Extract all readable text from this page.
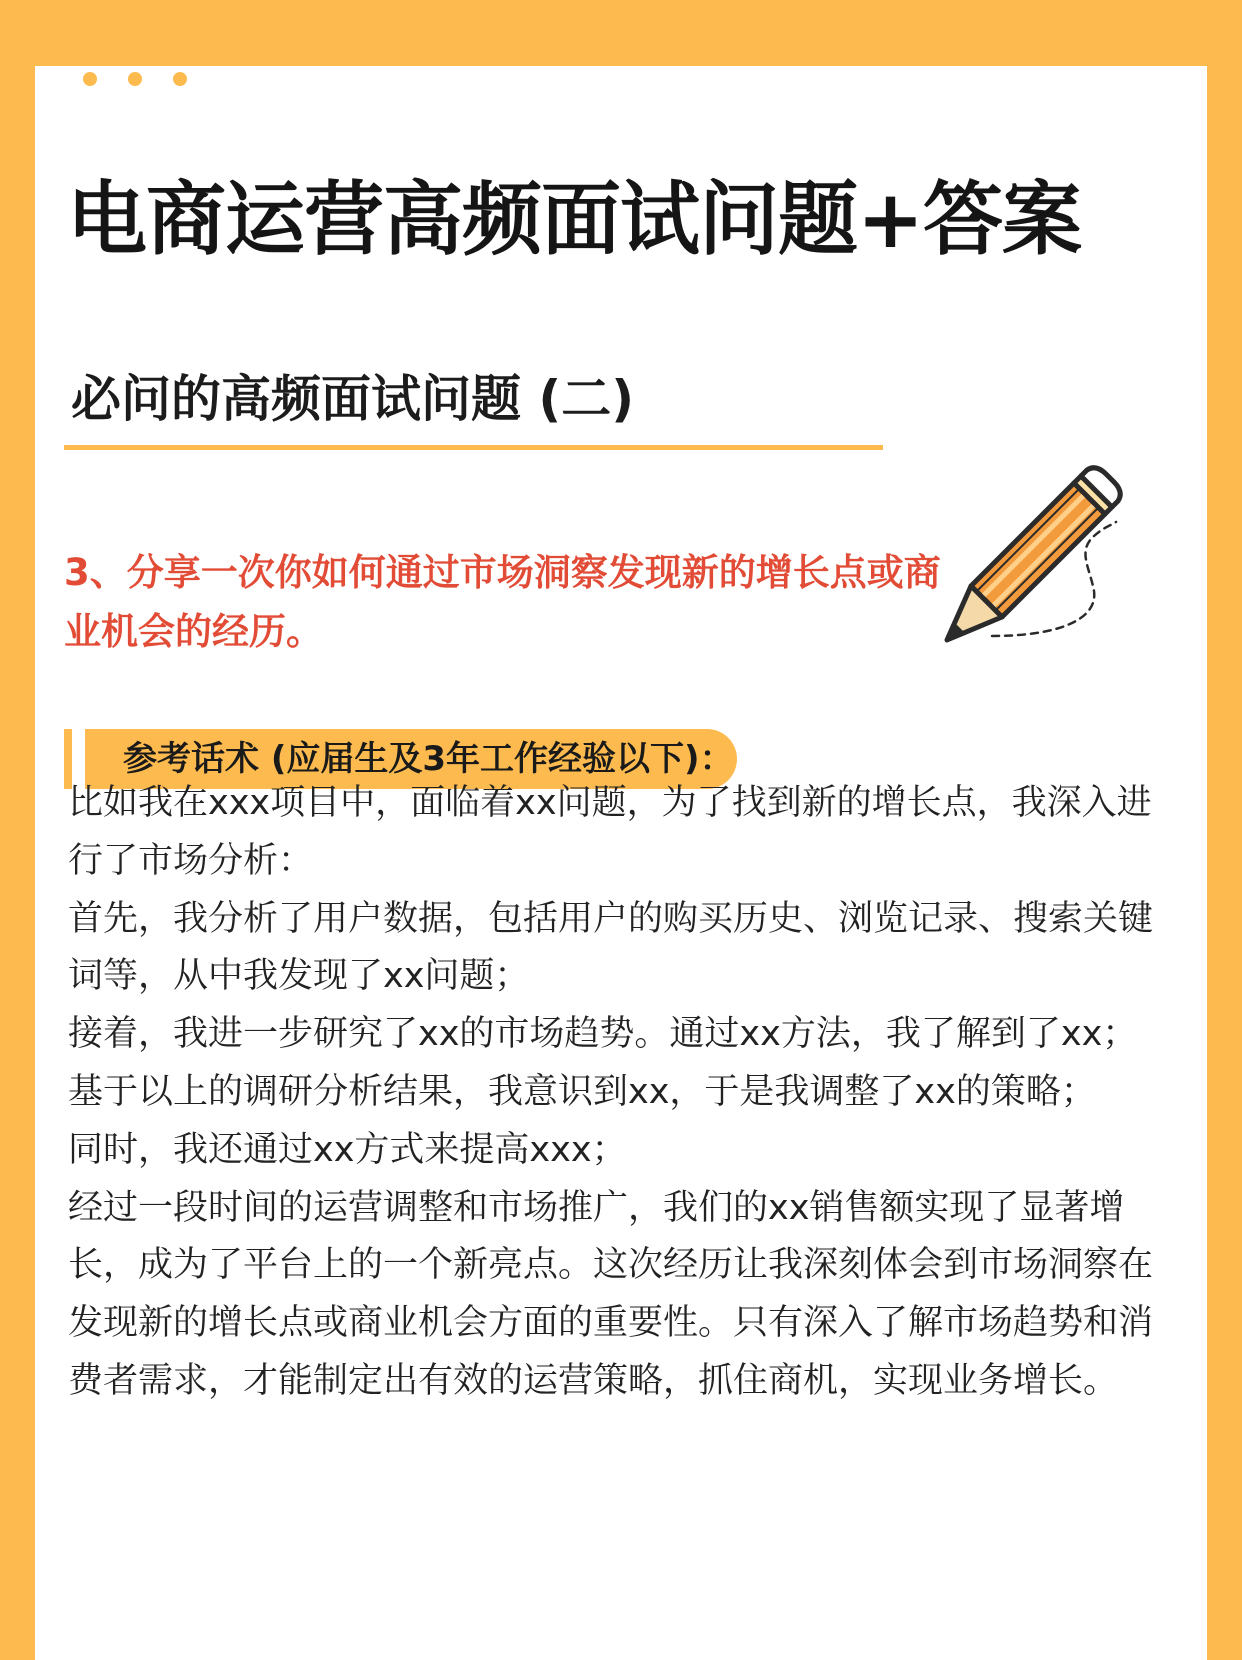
电商运营高频面试问题+答案
必问的高频面试问题 (二)

3、分享一次你如何通过市场洞察发现新的增长点或商业机会的经历。

参考话术 (应届生及3年工作经验以下)：

比如我在xxx项目中，面临着xx问题，为了找到新的增长点，我深入进行了市场分析：

首先，我分析了用户数据，包括用户的购买历史、浏览记录、搜索关键词等，从中我发现了xx问题；

接着，我进一步研究了xx的市场趋势。通过xx方法，我了解到了xx；

基于以上的调研分析结果，我意识到xx，于是我调整了xx的策略；

同时，我还通过xx方式来提高xxx；

经过一段时间的运营调整和市场推广，我们的xx销售额实现了显著增长，成为了平台上的一个新亮点。这次经历让我深刻体会到市场洞察在发现新的增长点或商业机会方面的重要性。只有深入了解市场趋势和消费者需求，才能制定出有效的运营策略，抓住商机，实现业务增长。
